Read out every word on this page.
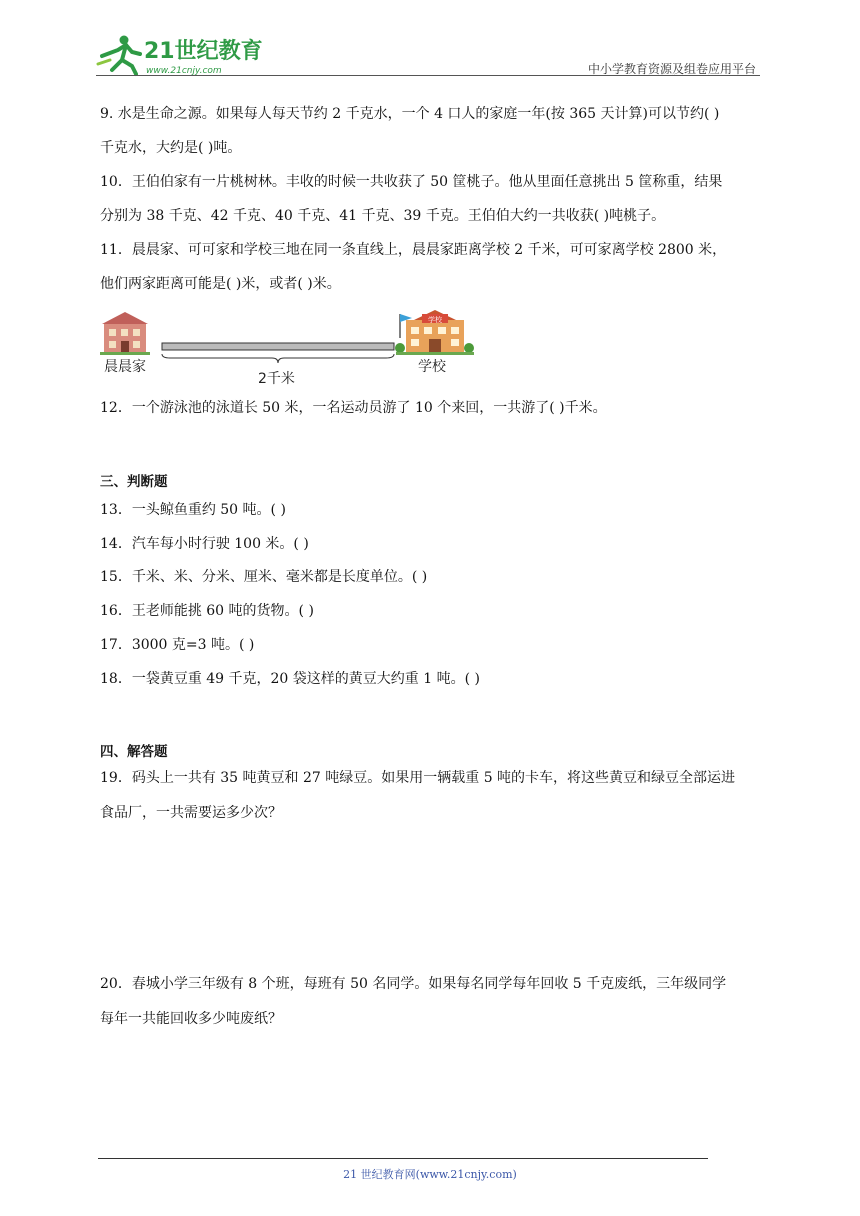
21世纪教育
www.21cnjy.com	中小学教育资源及组卷应用平台
9. 水是生命之源。如果每人每天节约 2 千克水，一个 4 口人的家庭一年(按 365 天计算)可以节约( )
千克水，大约是( )吨。
10．王伯伯家有一片桃树林。丰收的时候一共收获了 50 筐桃子。他从里面任意挑出 5 筐称重，结果
分别为 38 千克、42 千克、40 千克、41 千克、39 千克。王伯伯大约一共收获( )吨桃子。
11．晨晨家、可可家和学校三地在同一条直线上，晨晨家距离学校 2 千米，可可家离学校 2800 米，
他们两家距离可能是( )米，或者( )米。
晨晨家
2千米
学校
学校
12．一个游泳池的泳道长 50 米，一名运动员游了 10 个来回，一共游了( )千米。
三、判断题
13．一头鲸鱼重约 50 吨。( )
14．汽车每小时行驶 100 米。( )
15．千米、米、分米、厘米、毫米都是长度单位。( )
16．王老师能挑 60 吨的货物。( )
17．3000 克=3 吨。( )
18．一袋黄豆重 49 千克，20 袋这样的黄豆大约重 1 吨。( )
四、解答题
19．码头上一共有 35 吨黄豆和 27 吨绿豆。如果用一辆载重 5 吨的卡车，将这些黄豆和绿豆全部运进
食品厂，一共需要运多少次？
20．春城小学三年级有 8 个班，每班有 50 名同学。如果每名同学每年回收 5 千克废纸，三年级同学
每年一共能回收多少吨废纸？
21 世纪教育网(www.21cnjy.com)
